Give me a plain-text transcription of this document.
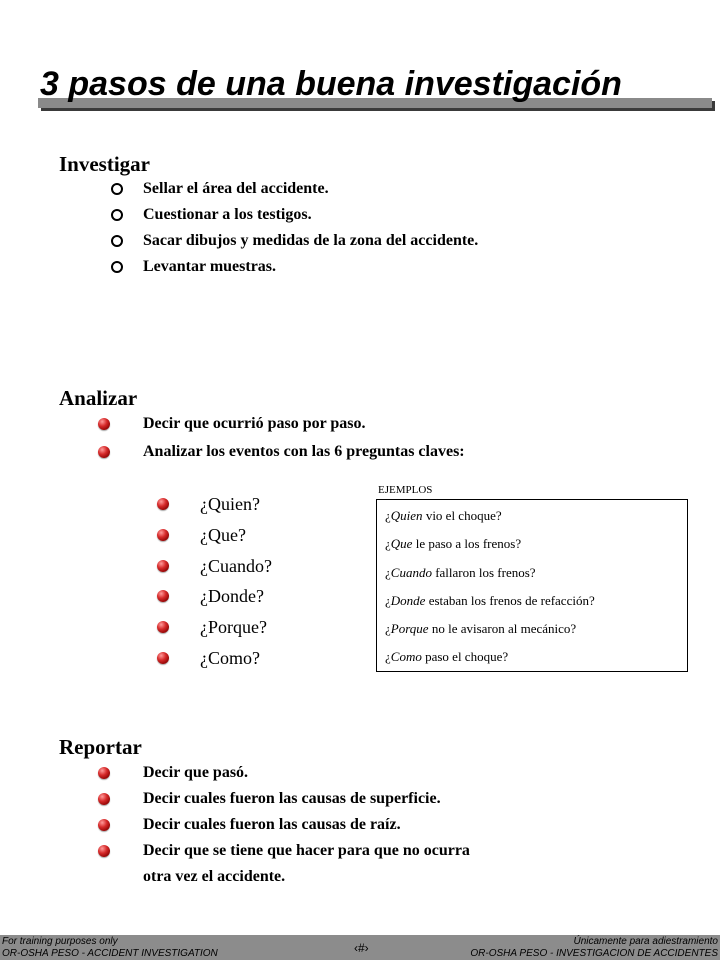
3 pasos de una buena investigación
Investigar
Sellar el área del accidente.
Cuestionar a los testigos.
Sacar dibujos y medidas de la zona del accidente.
Levantar muestras.
Analizar
Decir que ocurrió paso por paso.
Analizar los eventos con las 6 preguntas claves:
¿Quien?
¿Que?
¿Cuando?
¿Donde?
¿Porque?
¿Como?
EJEMPLOS
¿Quien vio el choque?
¿Que le paso a los frenos?
¿Cuando fallaron los frenos?
¿Donde estaban los frenos de refacción?
¿Porque no le avisaron al mecánico?
¿Como paso el choque?
Reportar
Decir que pasó.
Decir cuales fueron las causas de superficie.
Decir cuales fueron las causas de raíz.
Decir que se tiene que hacer para que no ocurra
otra vez el accidente.
For training purposes only
OR-OSHA PESO - ACCIDENT INVESTIGATION	‹#›	Únicamente para adiestramiento
OR-OSHA PESO - INVESTIGACION DE ACCIDENTES
